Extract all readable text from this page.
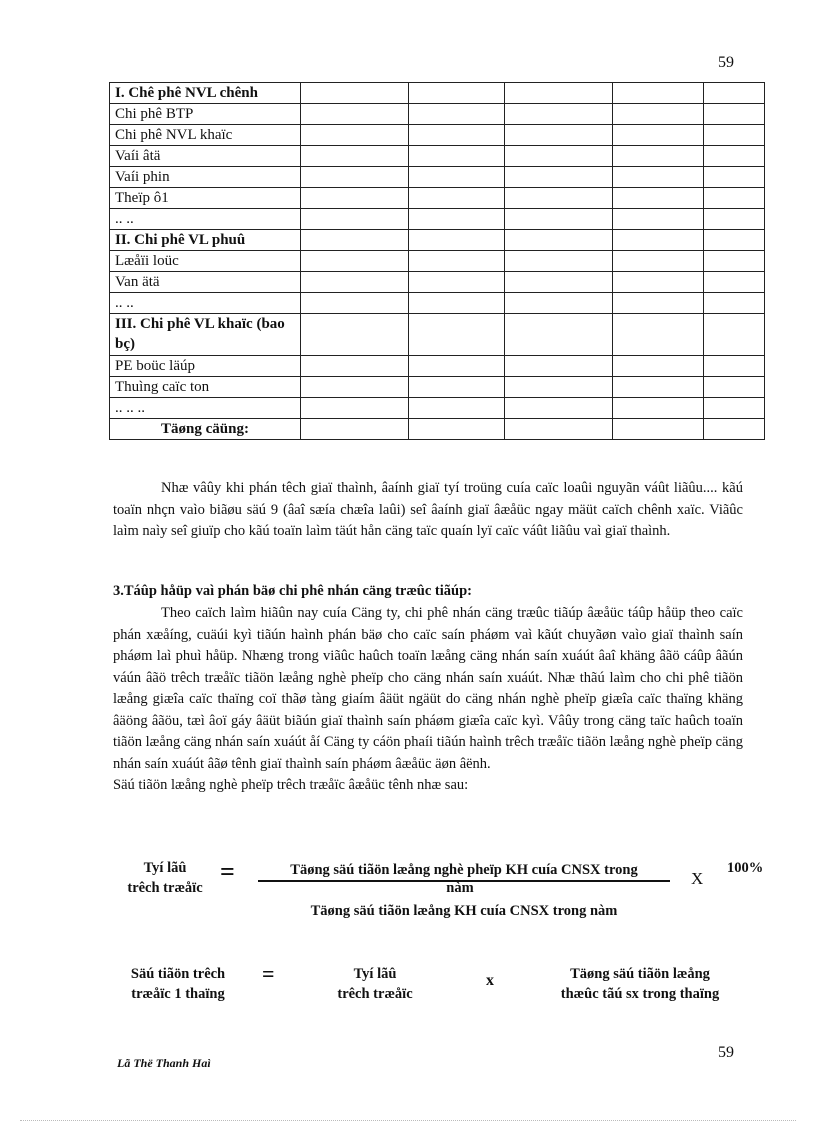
59
I. Chê phê NVL chênh					
Chi phê BTP					
Chi phê NVL khaïc					
Vaíi âtä					
Vaíi phin					
Theïp ô1					
.. ..					
II. Chi phê VL phuû					
Læåïi loüc					
Van ätä					
.. ..					
III. Chi phê VL khaïc (bao bç)					
PE boüc läúp					
Thuìng caïc ton					
.. .. ..					
Täøng cäüng:					
Nhæ vâûy khi phán têch giaï thaình, âaính giaï tyí troüng cuía caïc loaûi nguyãn váût liãûu.... kãú toaïn nhçn vaìo biãøu säú 9 (âaî sæía chæîa laûi) seî âaính giaï âæåüc ngay mäüt caïch chênh xaïc. Viãûc laìm naìy seî giuïp cho kãú toaïn laìm täút hån cäng taïc quaín lyï caïc váût liãûu vaì giaï thaình.
3.Táûp håüp vaì phán bäø chi phê nhán cäng træûc tiãúp:
Theo caïch laìm hiãûn nay cuía Cäng ty, chi phê nhán cäng træûc tiãúp âæåüc táûp håüp theo caïc phán xæåíng, cuäúi kyì tiãún haình phán bäø cho caïc saín pháøm vaì kãút chuyãøn vaìo giaï thaình saín pháøm laì phuì håüp. Nhæng trong viãûc haûch toaïn læång cäng nhán saín xuáút âaî khäng âãö cáûp âãún váún âãö trêch træåïc tiãön læång nghè pheïp cho cäng nhán saín xuáút. Nhæ thãú laìm cho chi phê tiãön læång giæîa caïc thaïng coï thãø tàng giaím âäüt ngäüt do cäng nhán nghè pheïp giæîa caïc thaïng khäng âäöng âãöu, tæì âoï gáy âäüt biãún giaï thaình saín pháøm giæîa caïc kyì. Vâûy trong cäng taïc haûch toaïn tiãön læång cäng nhán saín xuáút åí Cäng ty cáön phaíi tiãún haình trêch træåïc tiãön læång nghè pheïp cäng nhán saín xuáút âãø tênh giaï thaình saín pháøm âæåüc äøn âënh.
Säú tiãön læång nghè pheïp trêch træåïc âæåüc tênh nhæ sau:
Tyí lãû
trêch træåïc
=	Täøng säú tiãön læång nghè pheïp KH cuía CNSX trong
nàm
Täøng säú tiãön læång KH cuía CNSX trong nàm
X
100%
Säú tiãön trêch
træåïc 1 thaïng
=	Tyí lãû
trêch træåïc
x	Täøng säú tiãön læång
thæûc tãú sx trong thaïng
59
Lã Thë Thanh Haì
